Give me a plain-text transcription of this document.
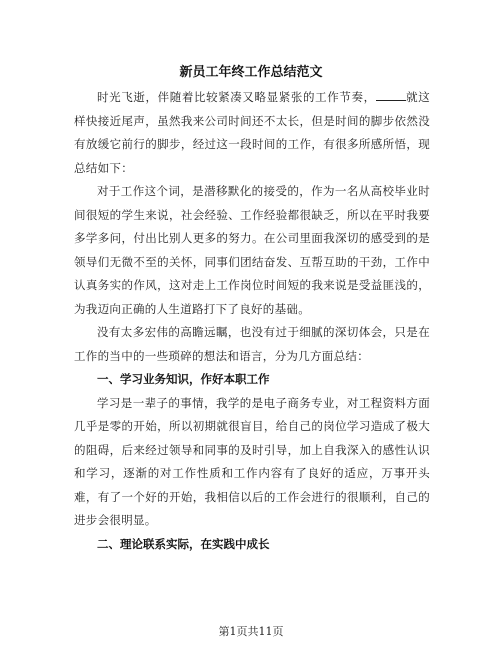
新员工年终工作总结范文

时光飞逝，伴随着比较紧凑又略显紧张的工作节奏，	就这样快接近尾声，虽然我来公司时间还不太长，但是时间的脚步依然没有放缓它前行的脚步，经过这一段时间的工作，有很多所感所悟，现总结如下：

对于工作这个词，是潜移默化的接受的，作为一名从高校毕业时间很短的学生来说，社会经验、工作经验都很缺乏，所以在平时我要多学多问，付出比别人更多的努力。在公司里面我深切的感受到的是领导们无微不至的关怀，同事们团结奋发、互帮互助的干劲，工作中认真务实的作风，这对走上工作岗位时间短的我来说是受益匪浅的，为我迈向正确的人生道路打下了良好的基础。

没有太多宏伟的高瞻远瞩，也没有过于细腻的深切体会，只是在工作的当中的一些琐碎的想法和语言，分为几方面总结：

一、学习业务知识，作好本职工作

学习是一辈子的事情，我学的是电子商务专业，对工程资料方面几乎是零的开始，所以初期就很盲目，给自己的岗位学习造成了极大的阻碍，后来经过领导和同事的及时引导，加上自我深入的感性认识和学习，逐渐的对工作性质和工作内容有了良好的适应，万事开头难，有了一个好的开始，我相信以后的工作会进行的很顺利，自己的进步会很明显。

二、理论联系实际，在实践中成长

第1页共11页
